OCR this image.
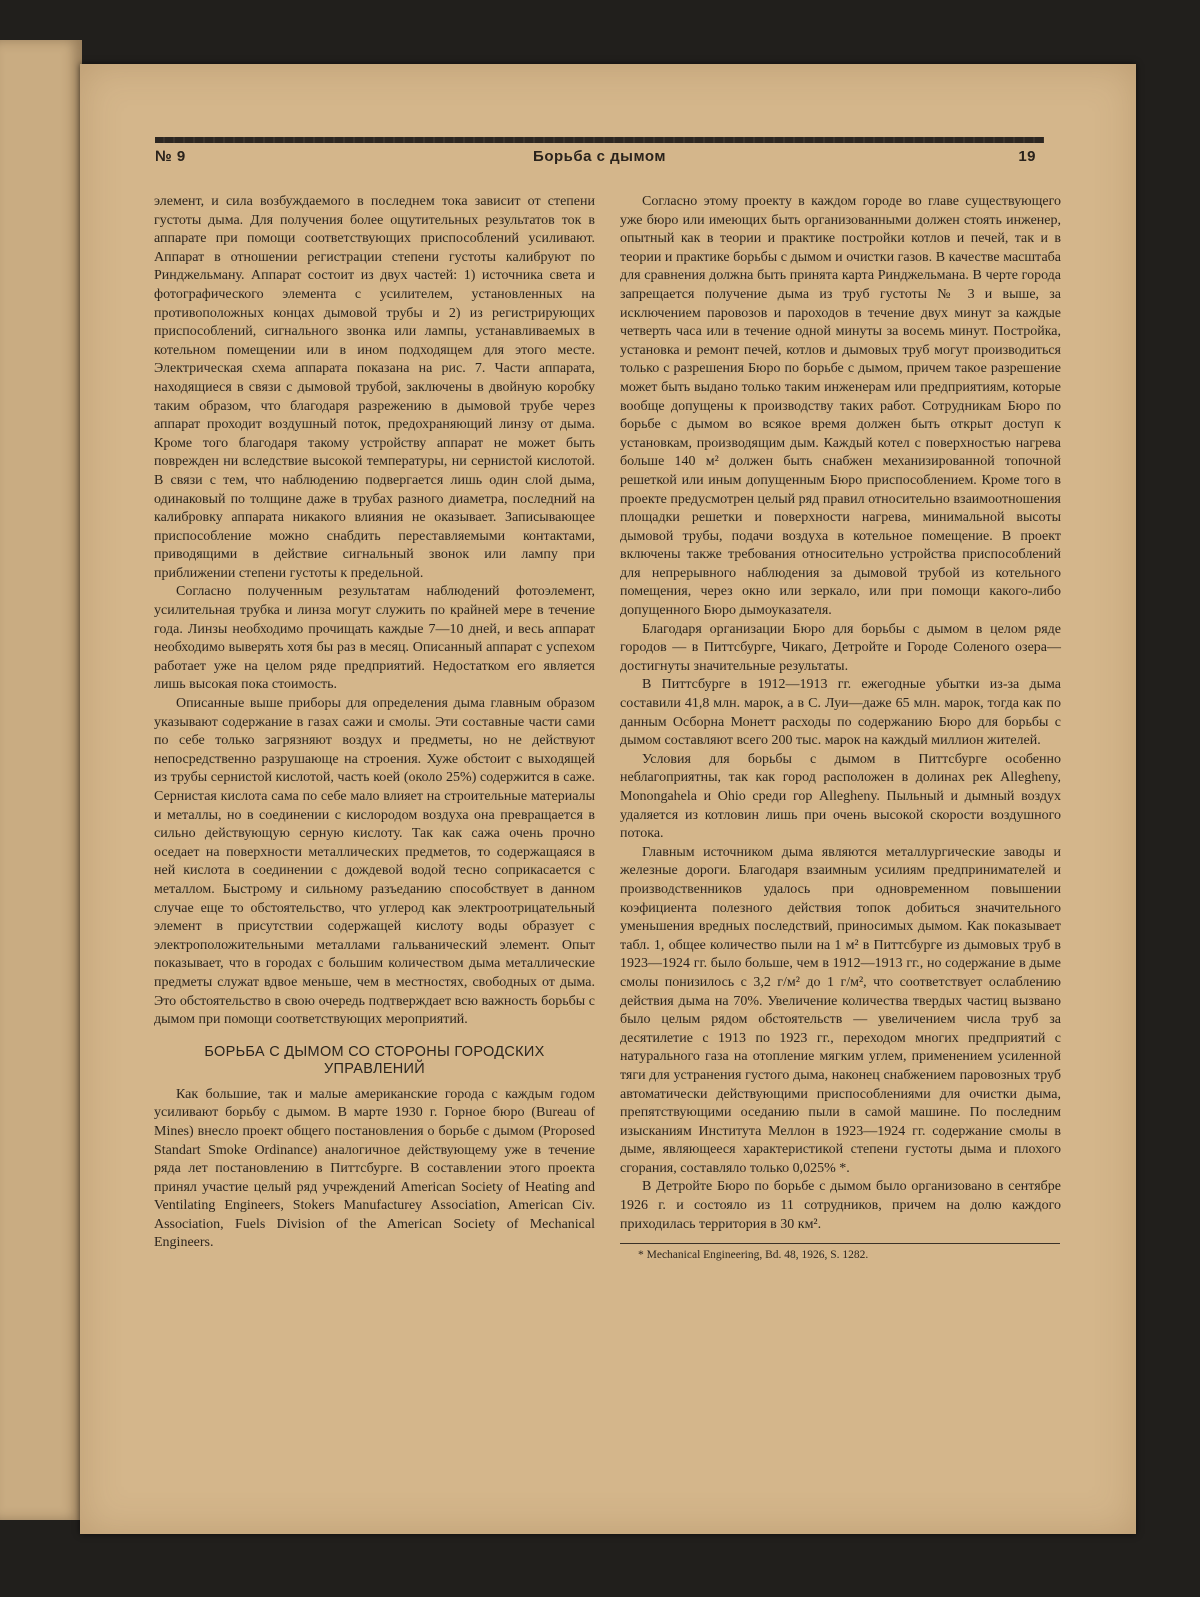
№ 9	Борьба с дымом	19

элемент, и сила возбуждаемого в последнем тока зависит от степени густоты дыма. Для получения более ощутительных результатов ток в аппарате при помощи соответствующих приспособлений усиливают. Аппарат в отношении регистрации степени густоты калибруют по Ринджельману. Аппарат состоит из двух частей: 1) источника света и фотографического элемента с усилителем, установленных на противоположных концах дымовой трубы и 2) из регистрирующих приспособлений, сигнального звонка или лампы, устанавливаемых в котельном помещении или в ином подходящем для этого месте. Электрическая схема аппарата показана на рис. 7. Части аппарата, находящиеся в связи с дымовой трубой, заключены в двойную коробку таким образом, что благодаря разрежению в дымовой трубе через аппарат проходит воздушный поток, предохраняющий линзу от дыма. Кроме того благодаря такому устройству аппарат не может быть поврежден ни вследствие высокой температуры, ни сернистой кислотой. В связи с тем, что наблюдению подвергается лишь один слой дыма, одинаковый по толщине даже в трубах разного диаметра, последний на калибровку аппарата никакого влияния не оказывает. Записывающее приспособление можно снабдить переставляемыми контактами, приводящими в действие сигнальный звонок или лампу при приближении степени густоты к предельной.

Согласно полученным результатам наблюдений фотоэлемент, усилительная трубка и линза могут служить по крайней мере в течение года. Линзы необходимо прочищать каждые 7—10 дней, и весь аппарат необходимо выверять хотя бы раз в месяц. Описанный аппарат с успехом работает уже на целом ряде предприятий. Недостатком его является лишь высокая пока стоимость.

Описанные выше приборы для определения дыма главным образом указывают содержание в газах сажи и смолы. Эти составные части сами по себе только загрязняют воздух и предметы, но не действуют непосредственно разрушающе на строения. Хуже обстоит с выходящей из трубы сернистой кислотой, часть коей (около 25%) содержится в саже. Сернистая кислота сама по себе мало влияет на строительные материалы и металлы, но в соединении с кислородом воздуха она превращается в сильно действующую серную кислоту. Так как сажа очень прочно оседает на поверхности металлических предметов, то содержащаяся в ней кислота в соединении с дождевой водой тесно соприкасается с металлом. Быстрому и сильному разъеданию способствует в данном случае еще то обстоятельство, что углерод как электроотрицательный элемент в присутствии содержащей кислоту воды образует с электроположительными металлами гальванический элемент. Опыт показывает, что в городах с большим количеством дыма металлические предметы служат вдвое меньше, чем в местностях, свободных от дыма. Это обстоятельство в свою очередь подтверждает всю важность борьбы с дымом при помощи соответствующих мероприятий.

БОРЬБА С ДЫМОМ СО СТОРОНЫ ГОРОДСКИХ УПРАВЛЕНИЙ

Как большие, так и малые американские города с каждым годом усиливают борьбу с дымом. В марте 1930 г. Горное бюро (Bureau of Mines) внесло проект общего постановления о борьбе с дымом (Proposed Standart Smoke Ordinance) аналогичное действующему уже в течение ряда лет постановлению в Питтсбурге. В составлении этого проекта принял участие целый ряд учреждений American Society of Heating and Ventilating Engineers, Stokers Manufacturey Association, American Civ. Association, Fuels Division of the American Society of Mechanical Engineers.

Согласно этому проекту в каждом городе во главе существующего уже бюро или имеющих быть организованными должен стоять инженер, опытный как в теории и практике постройки котлов и печей, так и в теории и практике борьбы с дымом и очистки газов. В качестве масштаба для сравнения должна быть принята карта Ринджельмана. В черте города запрещается получение дыма из труб густоты № 3 и выше, за исключением паровозов и пароходов в течение двух минут за каждые четверть часа или в течение одной минуты за восемь минут. Постройка, установка и ремонт печей, котлов и дымовых труб могут производиться только с разрешения Бюро по борьбе с дымом, причем такое разрешение может быть выдано только таким инженерам или предприятиям, которые вообще допущены к производству таких работ. Сотрудникам Бюро по борьбе с дымом во всякое время должен быть открыт доступ к установкам, производящим дым. Каждый котел с поверхностью нагрева больше 140 м² должен быть снабжен механизированной топочной решеткой или иным допущенным Бюро приспособлением. Кроме того в проекте предусмотрен целый ряд правил относительно взаимоотношения площадки решетки и поверхности нагрева, минимальной высоты дымовой трубы, подачи воздуха в котельное помещение. В проект включены также требования относительно устройства приспособлений для непрерывного наблюдения за дымовой трубой из котельного помещения, через окно или зеркало, или при помощи какого-либо допущенного Бюро дымоуказателя.

Благодаря организации Бюро для борьбы с дымом в целом ряде городов — в Питтсбурге, Чикаго, Детройте и Городе Соленого озера—достигнуты значительные результаты.

В Питтсбурге в 1912—1913 гг. ежегодные убытки из-за дыма составили 41,8 млн. марок, а в С. Луи—даже 65 млн. марок, тогда как по данным Осборна Монетт расходы по содержанию Бюро для борьбы с дымом составляют всего 200 тыс. марок на каждый миллион жителей.

Условия для борьбы с дымом в Питтсбурге особенно неблагоприятны, так как город расположен в долинах рек Allegheny, Monongahela и Ohio среди гор Allegheny. Пыльный и дымный воздух удаляется из котловин лишь при очень высокой скорости воздушного потока.

Главным источником дыма являются металлургические заводы и железные дороги. Благодаря взаимным усилиям предпринимателей и производственников удалось при одновременном повышении коэфициента полезного действия топок добиться значительного уменьшения вредных последствий, приносимых дымом. Как показывает табл. 1, общее количество пыли на 1 м² в Питтсбурге из дымовых труб в 1923—1924 гг. было больше, чем в 1912—1913 гг., но содержание в дыме смолы понизилось с 3,2 г/м² до 1 г/м², что соответствует ослаблению действия дыма на 70%. Увеличение количества твердых частиц вызвано было целым рядом обстоятельств — увеличением числа труб за десятилетие с 1913 по 1923 гг., переходом многих предприятий с натурального газа на отопление мягким углем, применением усиленной тяги для устранения густого дыма, наконец снабжением паровозных труб автоматически действующими приспособлениями для очистки дыма, препятствующими оседанию пыли в самой машине. По последним изысканиям Института Меллон в 1923—1924 гг. содержание смолы в дыме, являющееся характеристикой степени густоты дыма и плохого сгорания, составляло только 0,025% *.

В Детройте Бюро по борьбе с дымом было организовано в сентябре 1926 г. и состояло из 11 сотрудников, причем на долю каждого приходилась территория в 30 км².

* Mechanical Engineering, Bd. 48, 1926, S. 1282.
